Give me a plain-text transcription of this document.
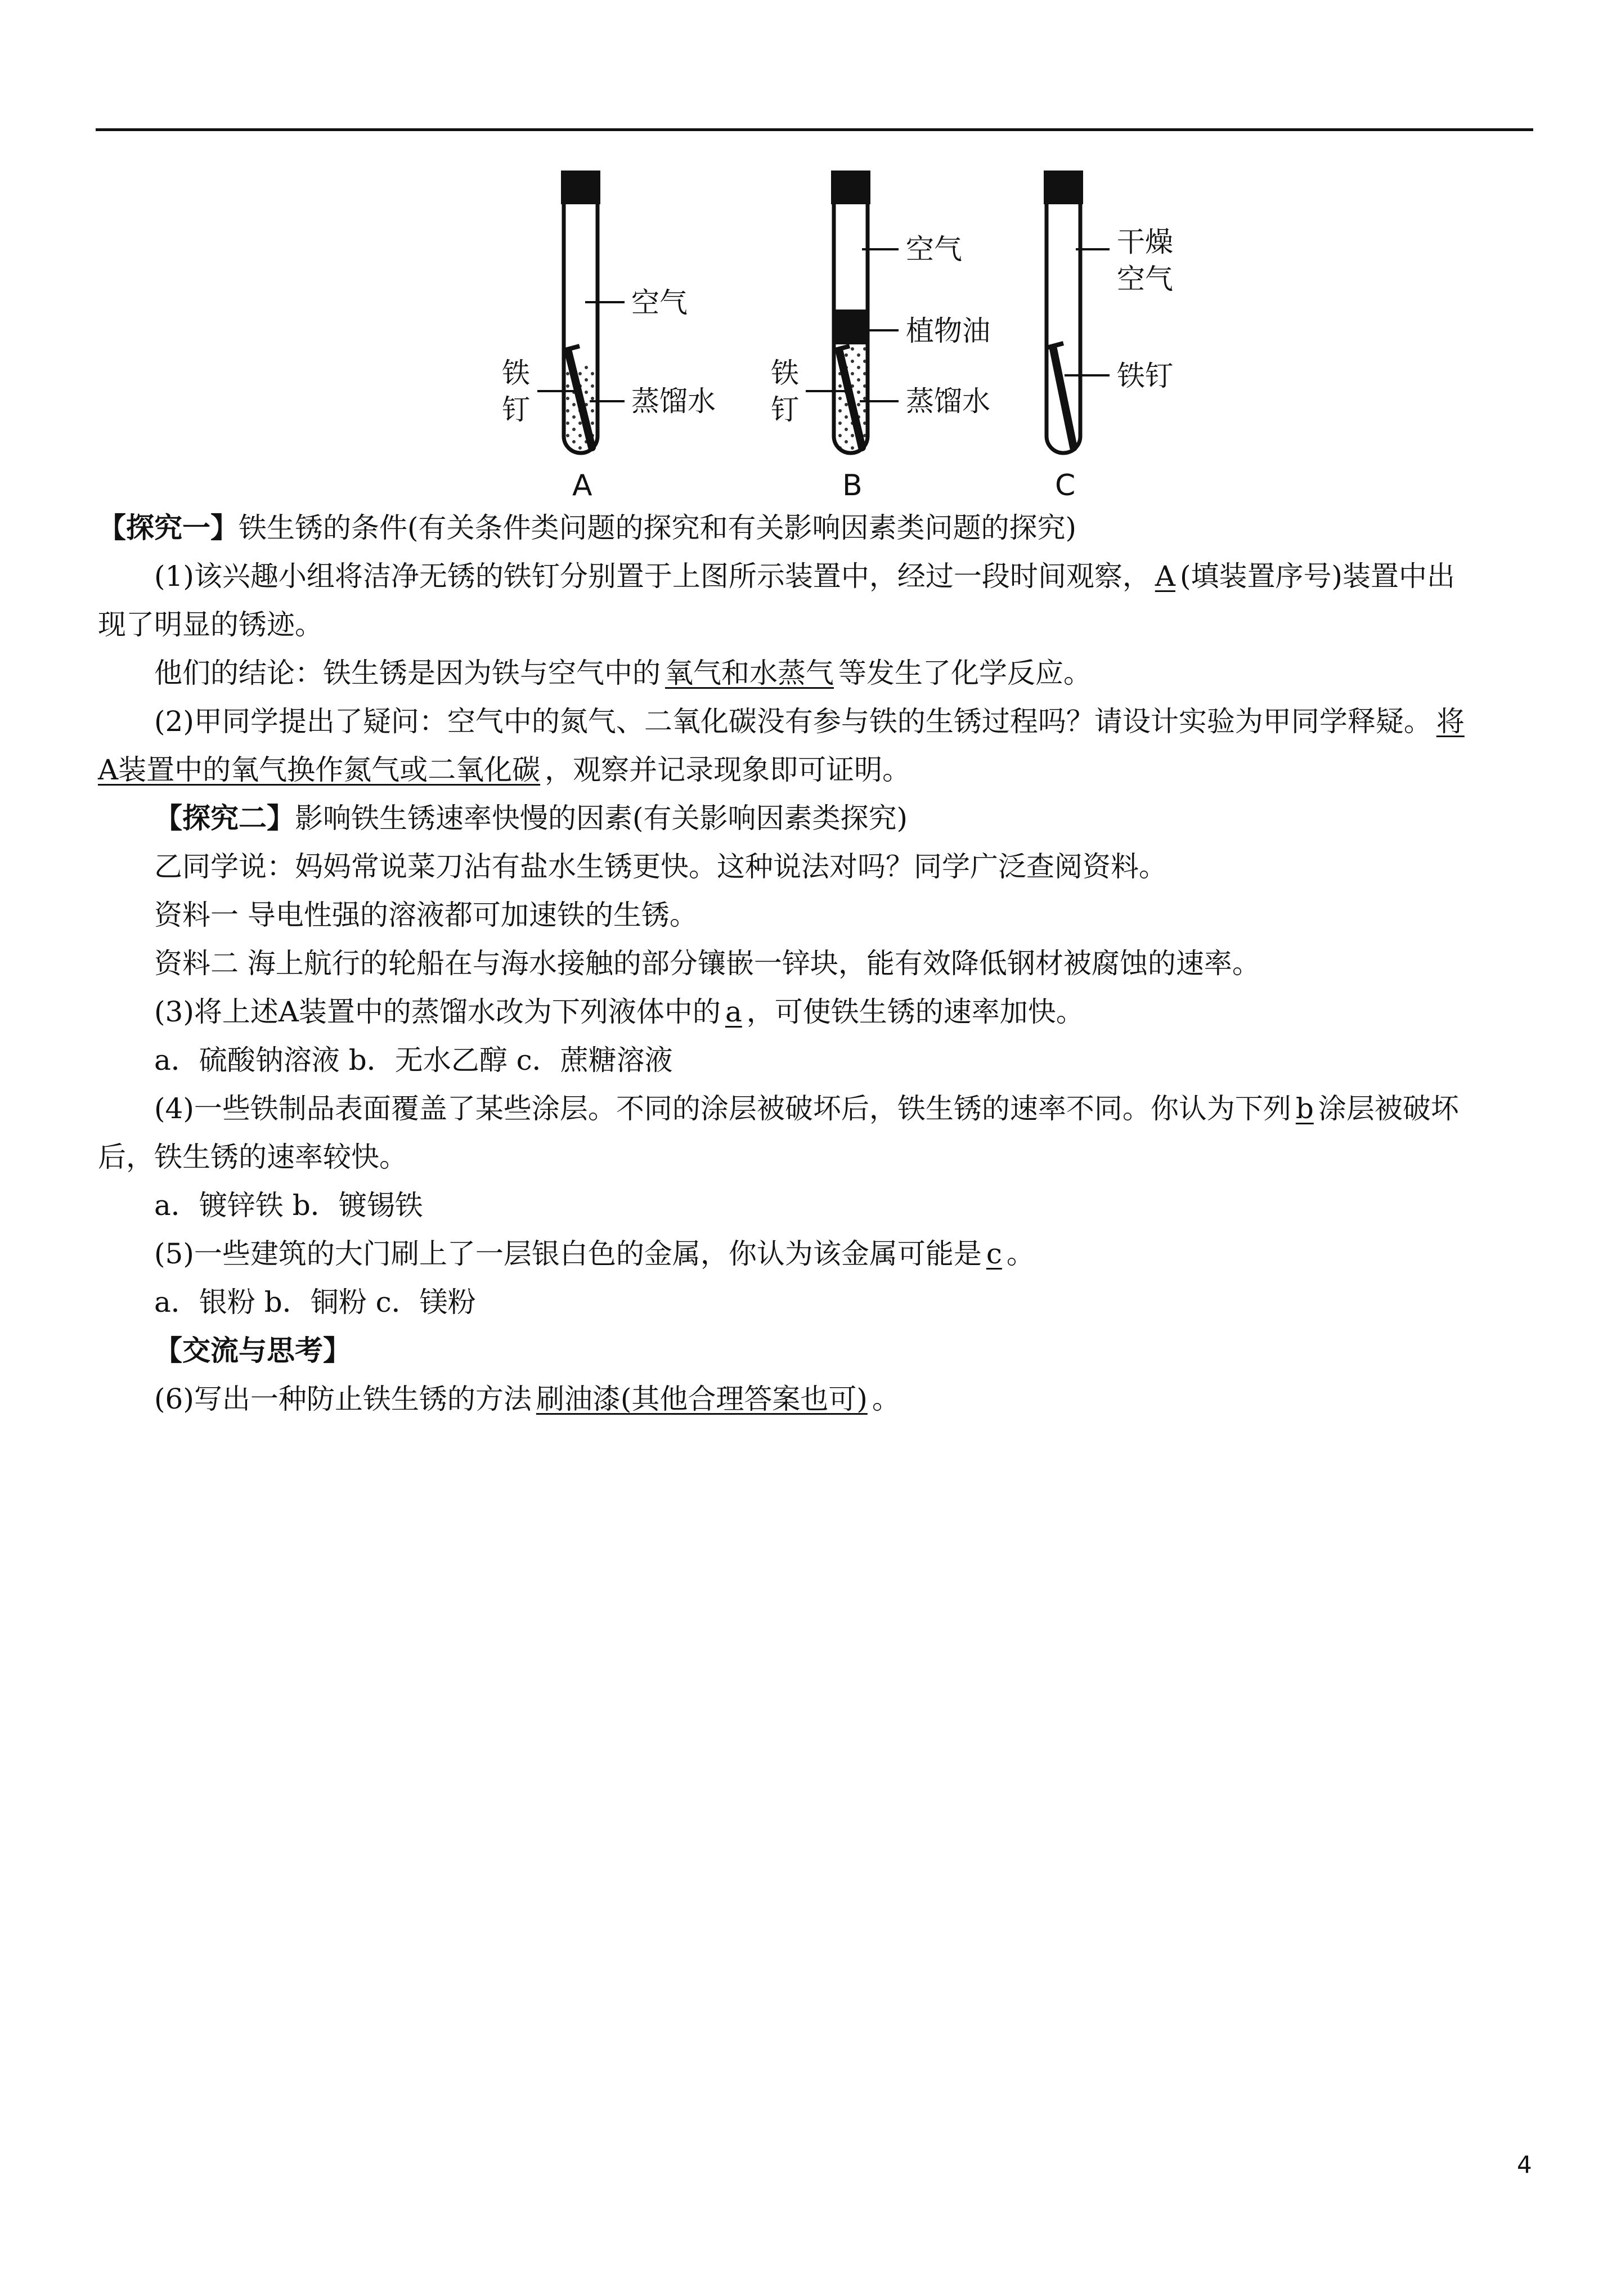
空气
铁
钉	蒸馏水
A
空气
植物油
铁
钉	蒸馏水
B
干燥
空气
铁钉
C
【探究一】铁生锈的条件(有关条件类问题的探究和有关影响因素类问题的探究)
(1)该兴趣小组将洁净无锈的铁钉分别置于上图所示装置中，经过一段时间观察， A (填装置序号)装置中出
现了明显的锈迹。
他们的结论：铁生锈是因为铁与空气中的 氧气和水蒸气 等发生了化学反应。
(2)甲同学提出了疑问：空气中的氮气、二氧化碳没有参与铁的生锈过程吗？请设计实验为甲同学释疑。 将
A装置中的氧气换作氮气或二氧化碳 ，观察并记录现象即可证明。
【探究二】影响铁生锈速率快慢的因素(有关影响因素类探究)
乙同学说：妈妈常说菜刀沾有盐水生锈更快。这种说法对吗？同学广泛查阅资料。
资料一 导电性强的溶液都可加速铁的生锈。
资料二 海上航行的轮船在与海水接触的部分镶嵌一锌块，能有效降低钢材被腐蚀的速率。
(3)将上述A装置中的蒸馏水改为下列液体中的 a ，可使铁生锈的速率加快。
a．硫酸钠溶液 b．无水乙醇 c．蔗糖溶液
(4)一些铁制品表面覆盖了某些涂层。不同的涂层被破坏后，铁生锈的速率不同。你认为下列 b 涂层被破坏
后，铁生锈的速率较快。
a．镀锌铁 b．镀锡铁
(5)一些建筑的大门刷上了一层银白色的金属，你认为该金属可能是 c 。
a．银粉 b．铜粉 c．镁粉
【交流与思考】
(6)写出一种防止铁生锈的方法 刷油漆(其他合理答案也可) 。
4
